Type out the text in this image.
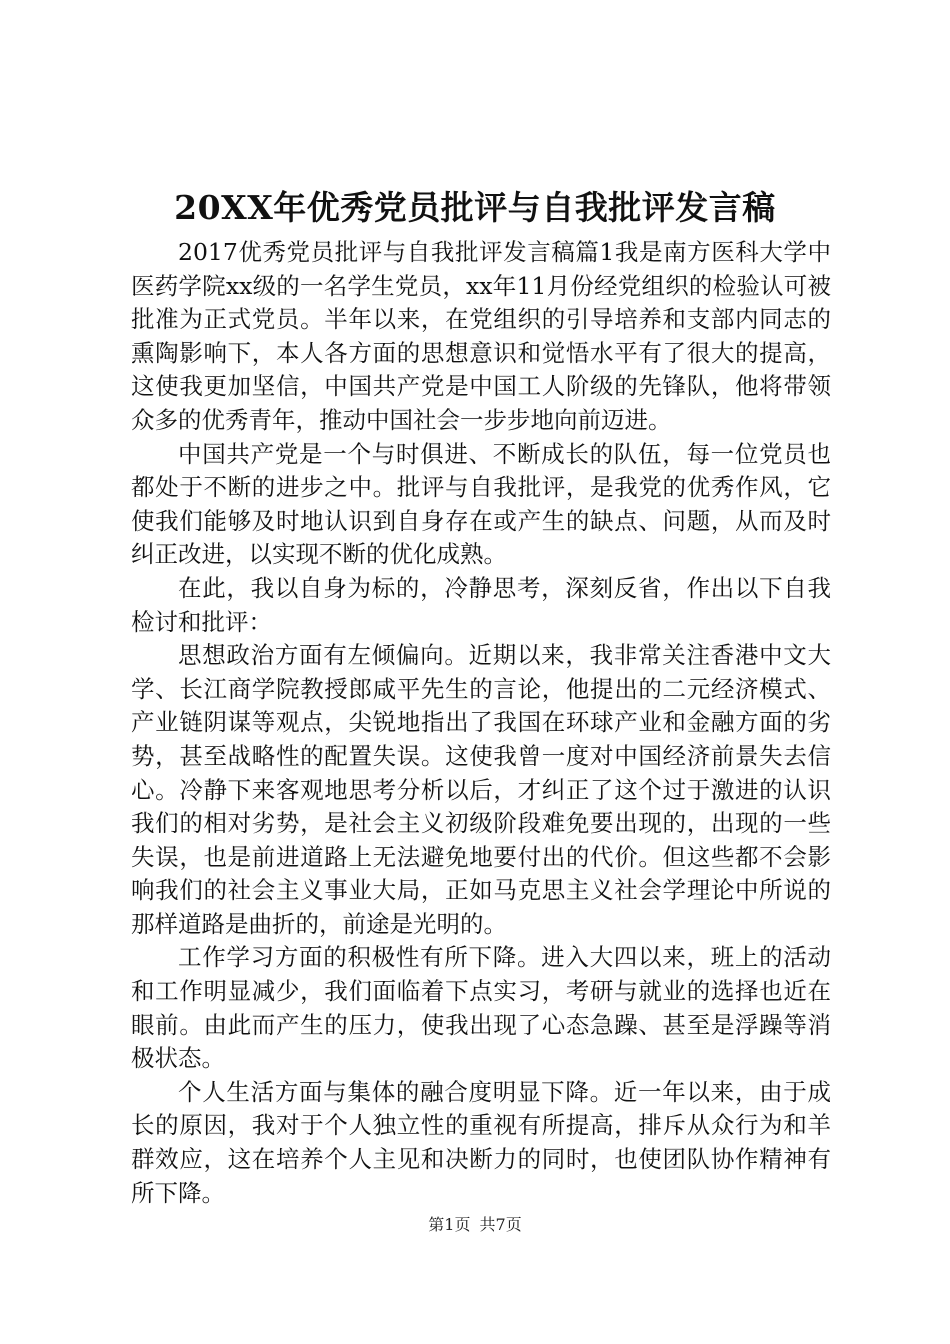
20XX年优秀党员批评与自我批评发言稿

2017优秀党员批评与自我批评发言稿篇1我是南方医科大学中医药学院xx级的一名学生党员，xx年11月份经党组织的检验认可被批准为正式党员。半年以来，在党组织的引导培养和支部内同志的熏陶影响下，本人各方面的思想意识和觉悟水平有了很大的提高，这使我更加坚信，中国共产党是中国工人阶级的先锋队，他将带领众多的优秀青年，推动中国社会一步步地向前迈进。

中国共产党是一个与时俱进、不断成长的队伍，每一位党员也都处于不断的进步之中。批评与自我批评，是我党的优秀作风，它使我们能够及时地认识到自身存在或产生的缺点、问题，从而及时纠正改进，以实现不断的优化成熟。

在此，我以自身为标的，冷静思考，深刻反省，作出以下自我检讨和批评：

思想政治方面有左倾偏向。近期以来，我非常关注香港中文大学、长江商学院教授郎咸平先生的言论，他提出的二元经济模式、产业链阴谋等观点，尖锐地指出了我国在环球产业和金融方面的劣势，甚至战略性的配置失误。这使我曾一度对中国经济前景失去信心。冷静下来客观地思考分析以后，才纠正了这个过于激进的认识我们的相对劣势，是社会主义初级阶段难免要出现的，出现的一些失误，也是前进道路上无法避免地要付出的代价。但这些都不会影响我们的社会主义事业大局，正如马克思主义社会学理论中所说的那样道路是曲折的，前途是光明的。

工作学习方面的积极性有所下降。进入大四以来，班上的活动和工作明显减少，我们面临着下点实习，考研与就业的选择也近在眼前。由此而产生的压力，使我出现了心态急躁、甚至是浮躁等消极状态。

个人生活方面与集体的融合度明显下降。近一年以来，由于成长的原因，我对于个人独立性的重视有所提高，排斥从众行为和羊群效应，这在培养个人主见和决断力的同时，也使团队协作精神有所下降。

第1页 共7页
